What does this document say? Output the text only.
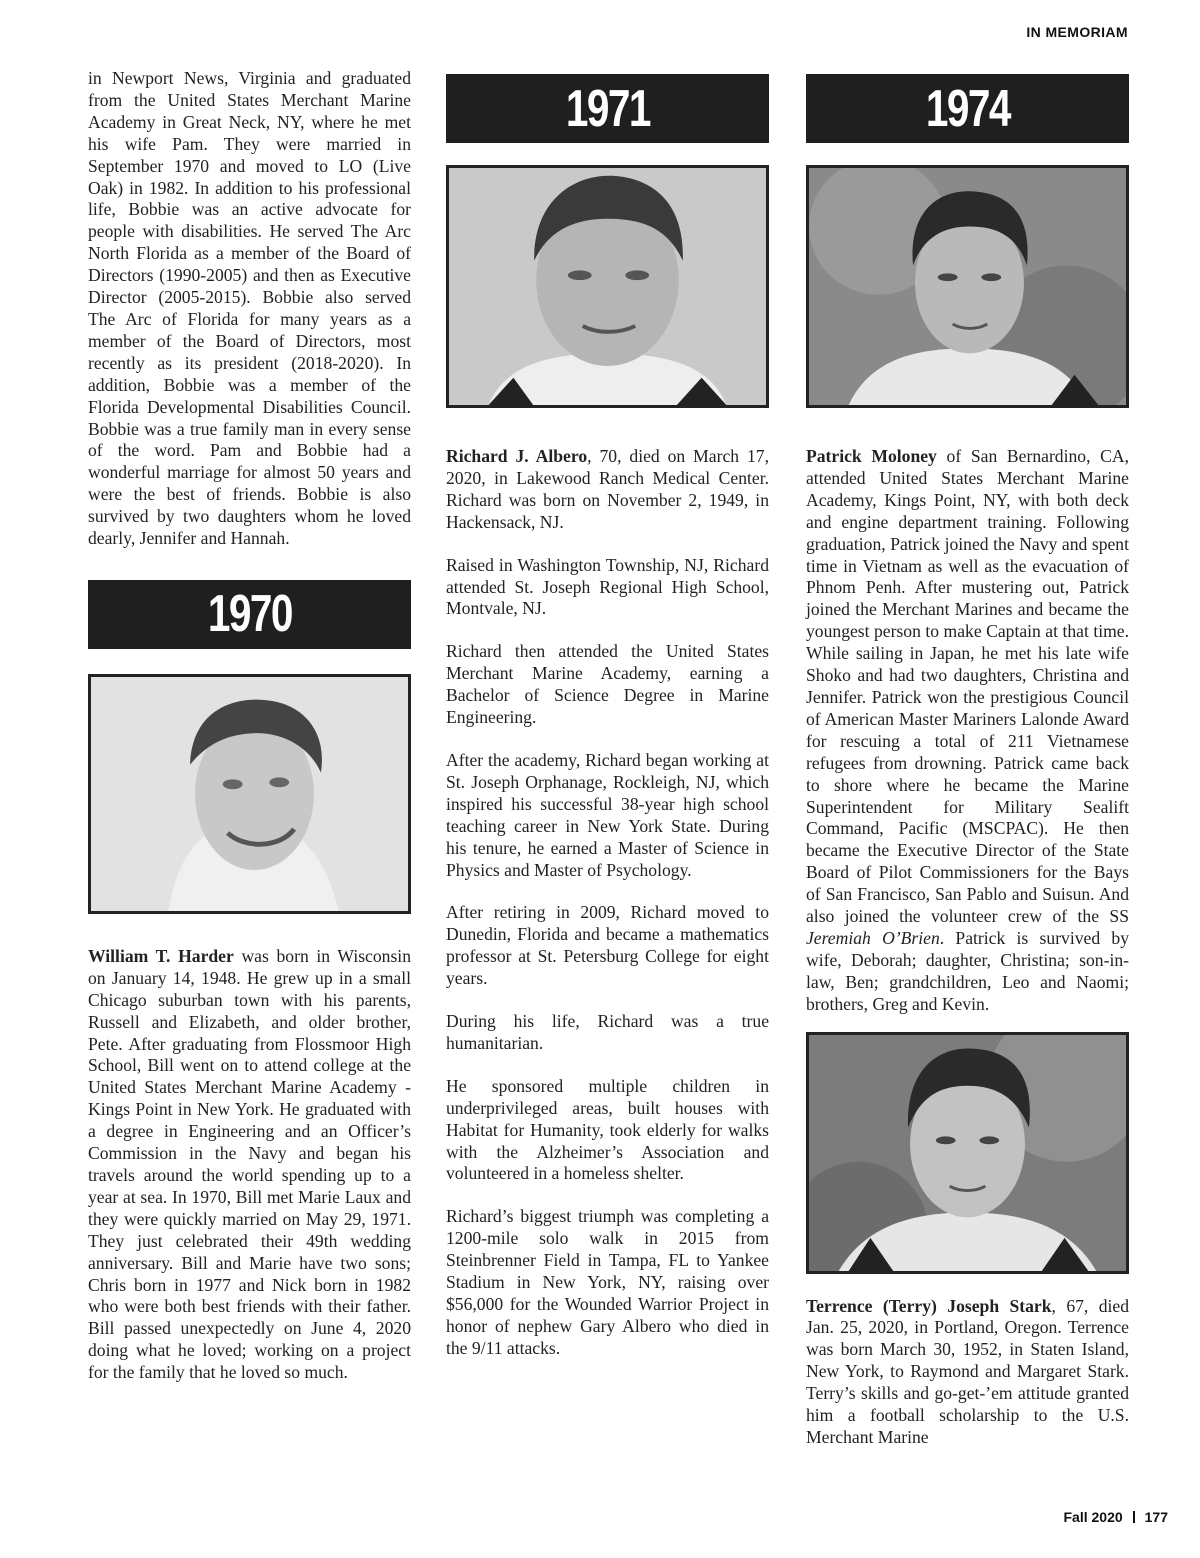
IN MEMORIAM

in Newport News, Virginia and graduated from the United States Merchant Marine Academy in Great Neck, NY, where he met his wife Pam. They were married in September 1970 and moved to LO (Live Oak) in 1982. In addition to his professional life, Bobbie was an active advocate for people with disabilities. He served The Arc North Florida as a member of the Board of Directors (1990-2005) and then as Executive Director (2005-2015). Bobbie also served The Arc of Florida for many years as a member of the Board of Directors, most recently as its president (2018-2020). In addition, Bobbie was a member of the Florida Developmental Disabilities Council. Bobbie was a true family man in every sense of the word. Pam and Bobbie had a wonderful marriage for almost 50 years and were the best of friends. Bobbie is also survived by two daughters whom he loved dearly, Jennifer and Hannah.

1970

William T. Harder was born in Wisconsin on January 14, 1948. He grew up in a small Chicago suburban town with his parents, Russell and Elizabeth, and older brother, Pete. After graduating from Flossmoor High School, Bill went on to attend college at the United States Merchant Marine Academy - Kings Point in New York. He graduated with a degree in Engineering and an Officer’s Commission in the Navy and began his travels around the world spending up to a year at sea. In 1970, Bill met Marie Laux and they were quickly married on May 29, 1971. They just celebrated their 49th wedding anniversary. Bill and Marie have two sons; Chris born in 1977 and Nick born in 1982 who were both best friends with their father. Bill passed unexpectedly on June 4, 2020 doing what he loved; working on a project for the family that he loved so much.

1971

Richard J. Albero, 70, died on March 17, 2020, in Lakewood Ranch Medical Center. Richard was born on November 2, 1949, in Hackensack, NJ.

Raised in Washington Township, NJ, Richard attended St. Joseph Regional High School, Montvale, NJ.

Richard then attended the United States Merchant Marine Academy, earning a Bachelor of Science Degree in Marine Engineering.

After the academy, Richard began working at St. Joseph Orphanage, Rockleigh, NJ, which inspired his successful 38-year high school teaching career in New York State. During his tenure, he earned a Master of Science in Physics and Master of Psychology.

After retiring in 2009, Richard moved to Dunedin, Florida and became a mathematics professor at St. Petersburg College for eight years.

During his life, Richard was a true humanitarian.

He sponsored multiple children in underprivileged areas, built houses with Habitat for Humanity, took elderly for walks with the Alzheimer’s Association and volunteered in a homeless shelter.

Richard’s biggest triumph was completing a 1200-mile solo walk in 2015 from Steinbrenner Field in Tampa, FL to Yankee Stadium in New York, NY, raising over $56,000 for the Wounded Warrior Project in honor of nephew Gary Albero who died in the 9/11 attacks.

1974

Patrick Moloney of San Bernardino, CA, attended United States Merchant Marine Academy, Kings Point, NY, with both deck and engine department training. Following graduation, Patrick joined the Navy and spent time in Vietnam as well as the evacuation of Phnom Penh. After mustering out, Patrick joined the Merchant Marines and became the youngest person to make Captain at that time. While sailing in Japan, he met his late wife Shoko and had two daughters, Christina and Jennifer. Patrick won the prestigious Council of American Master Mariners Lalonde Award for rescuing a total of 211 Vietnamese refugees from drowning. Patrick came back to shore where he became the Marine Superintendent for Military Sealift Command, Pacific (MSCPAC). He then became the Executive Director of the State Board of Pilot Commissioners for the Bays of San Francisco, San Pablo and Suisun. And also joined the volunteer crew of the SS Jeremiah O’Brien. Patrick is survived by wife, Deborah; daughter, Christina; son-in-law, Ben; grandchildren, Leo and Naomi; brothers, Greg and Kevin.

Terrence (Terry) Joseph Stark, 67, died Jan. 25, 2020, in Portland, Oregon. Terrence was born March 30, 1952, in Staten Island, New York, to Raymond and Margaret Stark. Terry’s skills and go-get-’em attitude granted him a football scholarship to the U.S. Merchant Marine

Fall 2020 177
